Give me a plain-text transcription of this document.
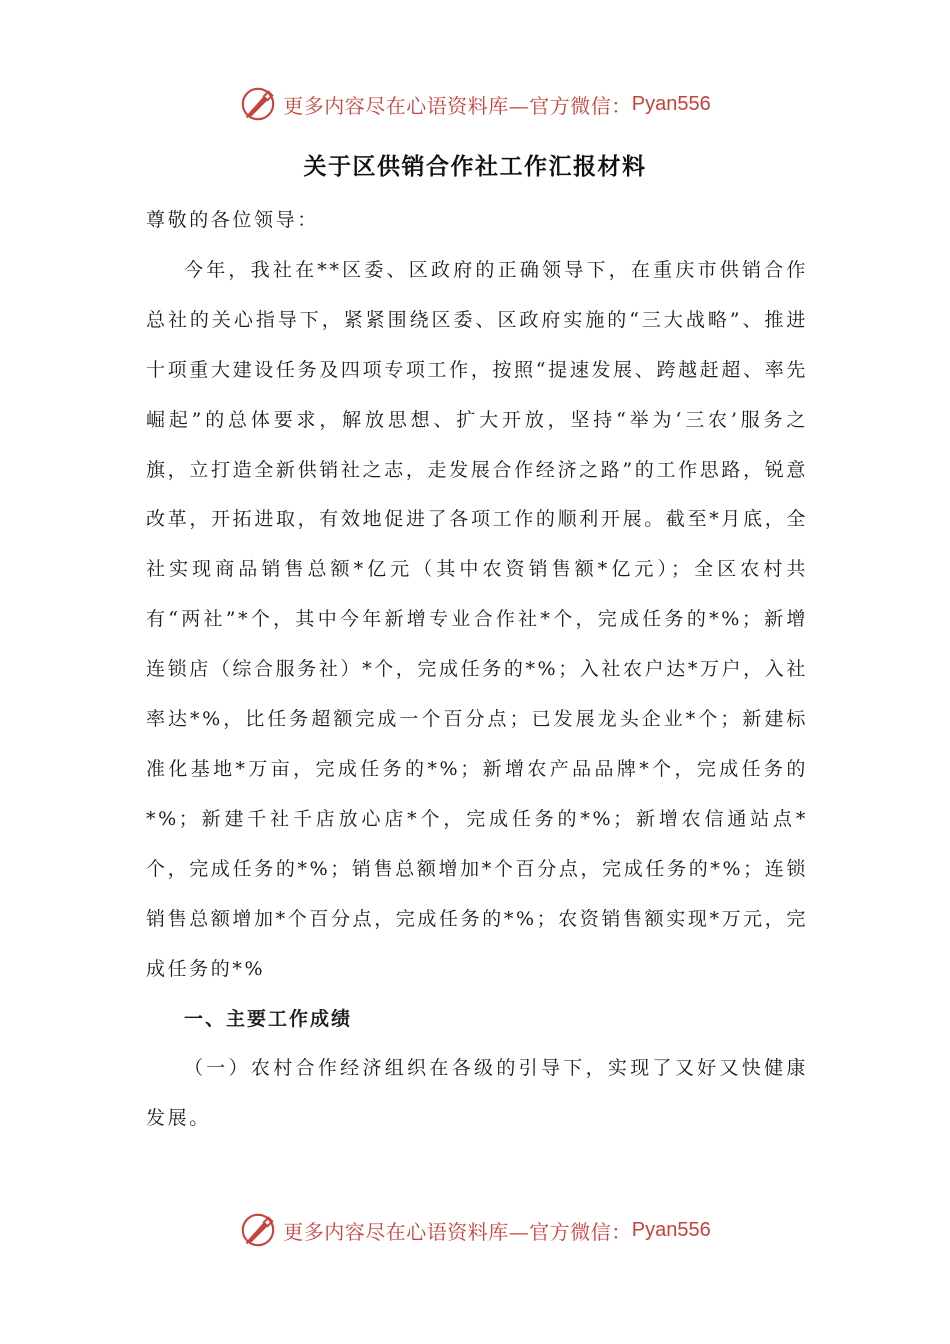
更多内容尽在心语资料库—官方微信： Pyan556
关于区供销合作社工作汇报材料

尊敬的各位领导：

今年，我社在**区委、区政府的正确领导下，在重庆市供销合作总社的关心指导下，紧紧围绕区委、区政府实施的“三大战略”、推进十项重大建设任务及四项专项工作，按照“提速发展、跨越赶超、率先崛起”的总体要求，解放思想、扩大开放，坚持“举为‘三农’服务之旗，立打造全新供销社之志，走发展合作经济之路”的工作思路，锐意改革，开拓进取，有效地促进了各项工作的顺利开展。截至*月底，全社实现商品销售总额*亿元（其中农资销售额*亿元）；全区农村共有“两社”*个，其中今年新增专业合作社*个，完成任务的*%；新增连锁店（综合服务社）*个，完成任务的*%；入社农户达*万户，入社率达*%，比任务超额完成一个百分点；已发展龙头企业*个；新建标准化基地*万亩，完成任务的*%；新增农产品品牌*个，完成任务的*%；新建千社千店放心店*个，完成任务的*%；新增农信通站点*个，完成任务的*%；销售总额增加*个百分点，完成任务的*%；连锁销售总额增加*个百分点，完成任务的*%；农资销售额实现*万元，完成任务的*%

一、主要工作成绩

（一）农村合作经济组织在各级的引导下，实现了又好又快健康发展。

更多内容尽在心语资料库—官方微信： Pyan556
